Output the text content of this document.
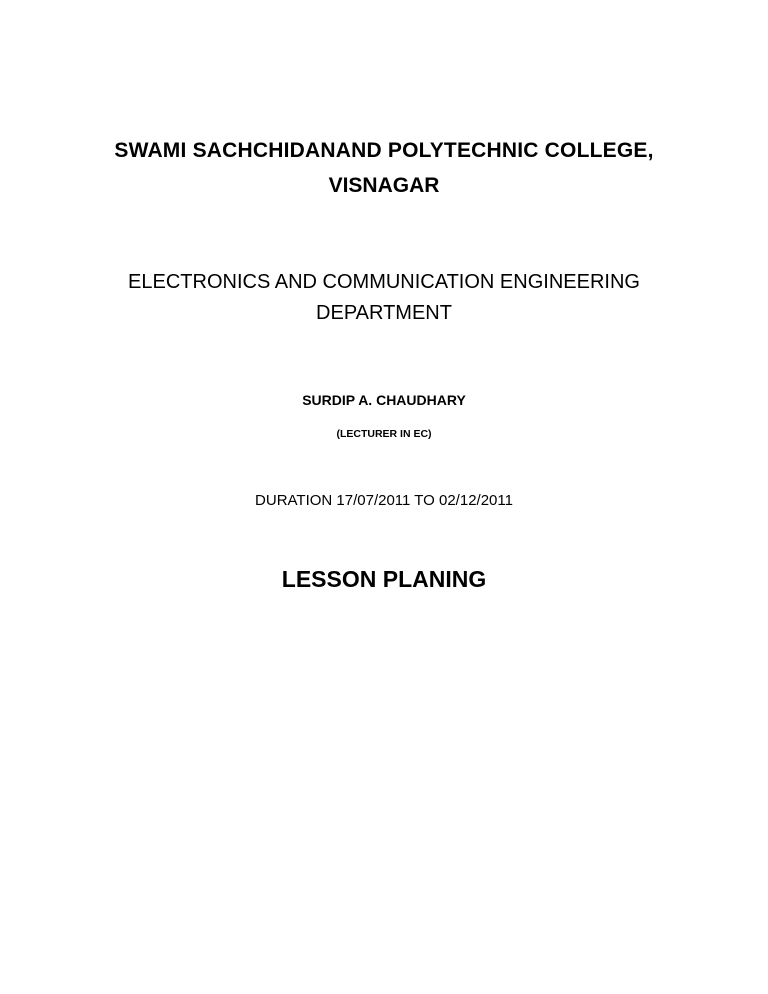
SWAMI SACHCHIDANAND POLYTECHNIC COLLEGE,

VISNAGAR

ELECTRONICS AND COMMUNICATION ENGINEERING

DEPARTMENT

SURDIP A. CHAUDHARY

(LECTURER IN EC)

DURATION 17/07/2011 TO 02/12/2011

LESSON PLANING
